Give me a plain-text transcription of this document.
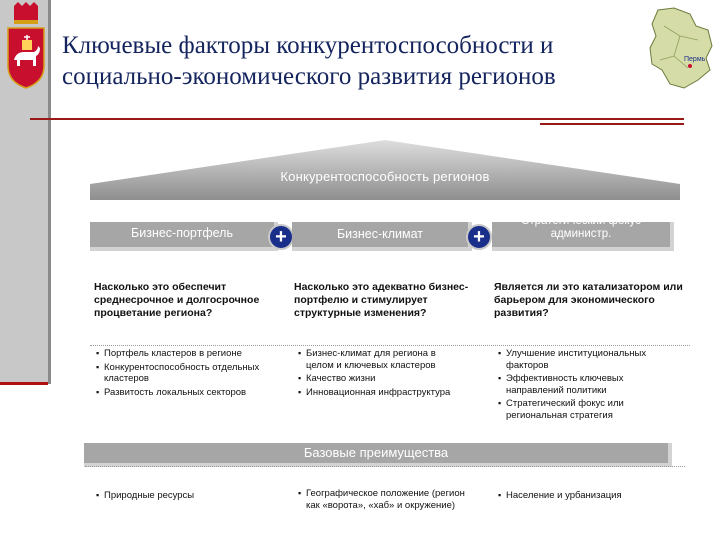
Пермь
Ключевые факторы конкурентоспособности и
социально-экономического развития регионов
Конкурентоспособность регионов
Бизнес-портфель	+	Бизнес-климат	+
Стратегический фокус администр.
Насколько это обеспечит среднесрочное и долгосрочное процветание региона?
Насколько это адекватно бизнес-портфелю и стимулирует структурные изменения?
Является ли это катализатором или барьером для экономического развития?
▪ Портфель кластеров в регионе
▪ Конкурентоспособность отдельных кластеров
▪ Развитость локальных секторов
▪ Бизнес-климат для региона в целом и ключевых кластеров
▪ Качество жизни
▪ Инновационная инфраструктура
▪ Улучшение институциональных факторов
▪ Эффективность ключевых направлений политики
▪ Стратегический фокус или региональная стратегия
Базовые преимущества
▪ Природные ресурсы
▪	Географическое положение (регион как «ворота», «хаб» и окружение)
▪ Население и урбанизация
